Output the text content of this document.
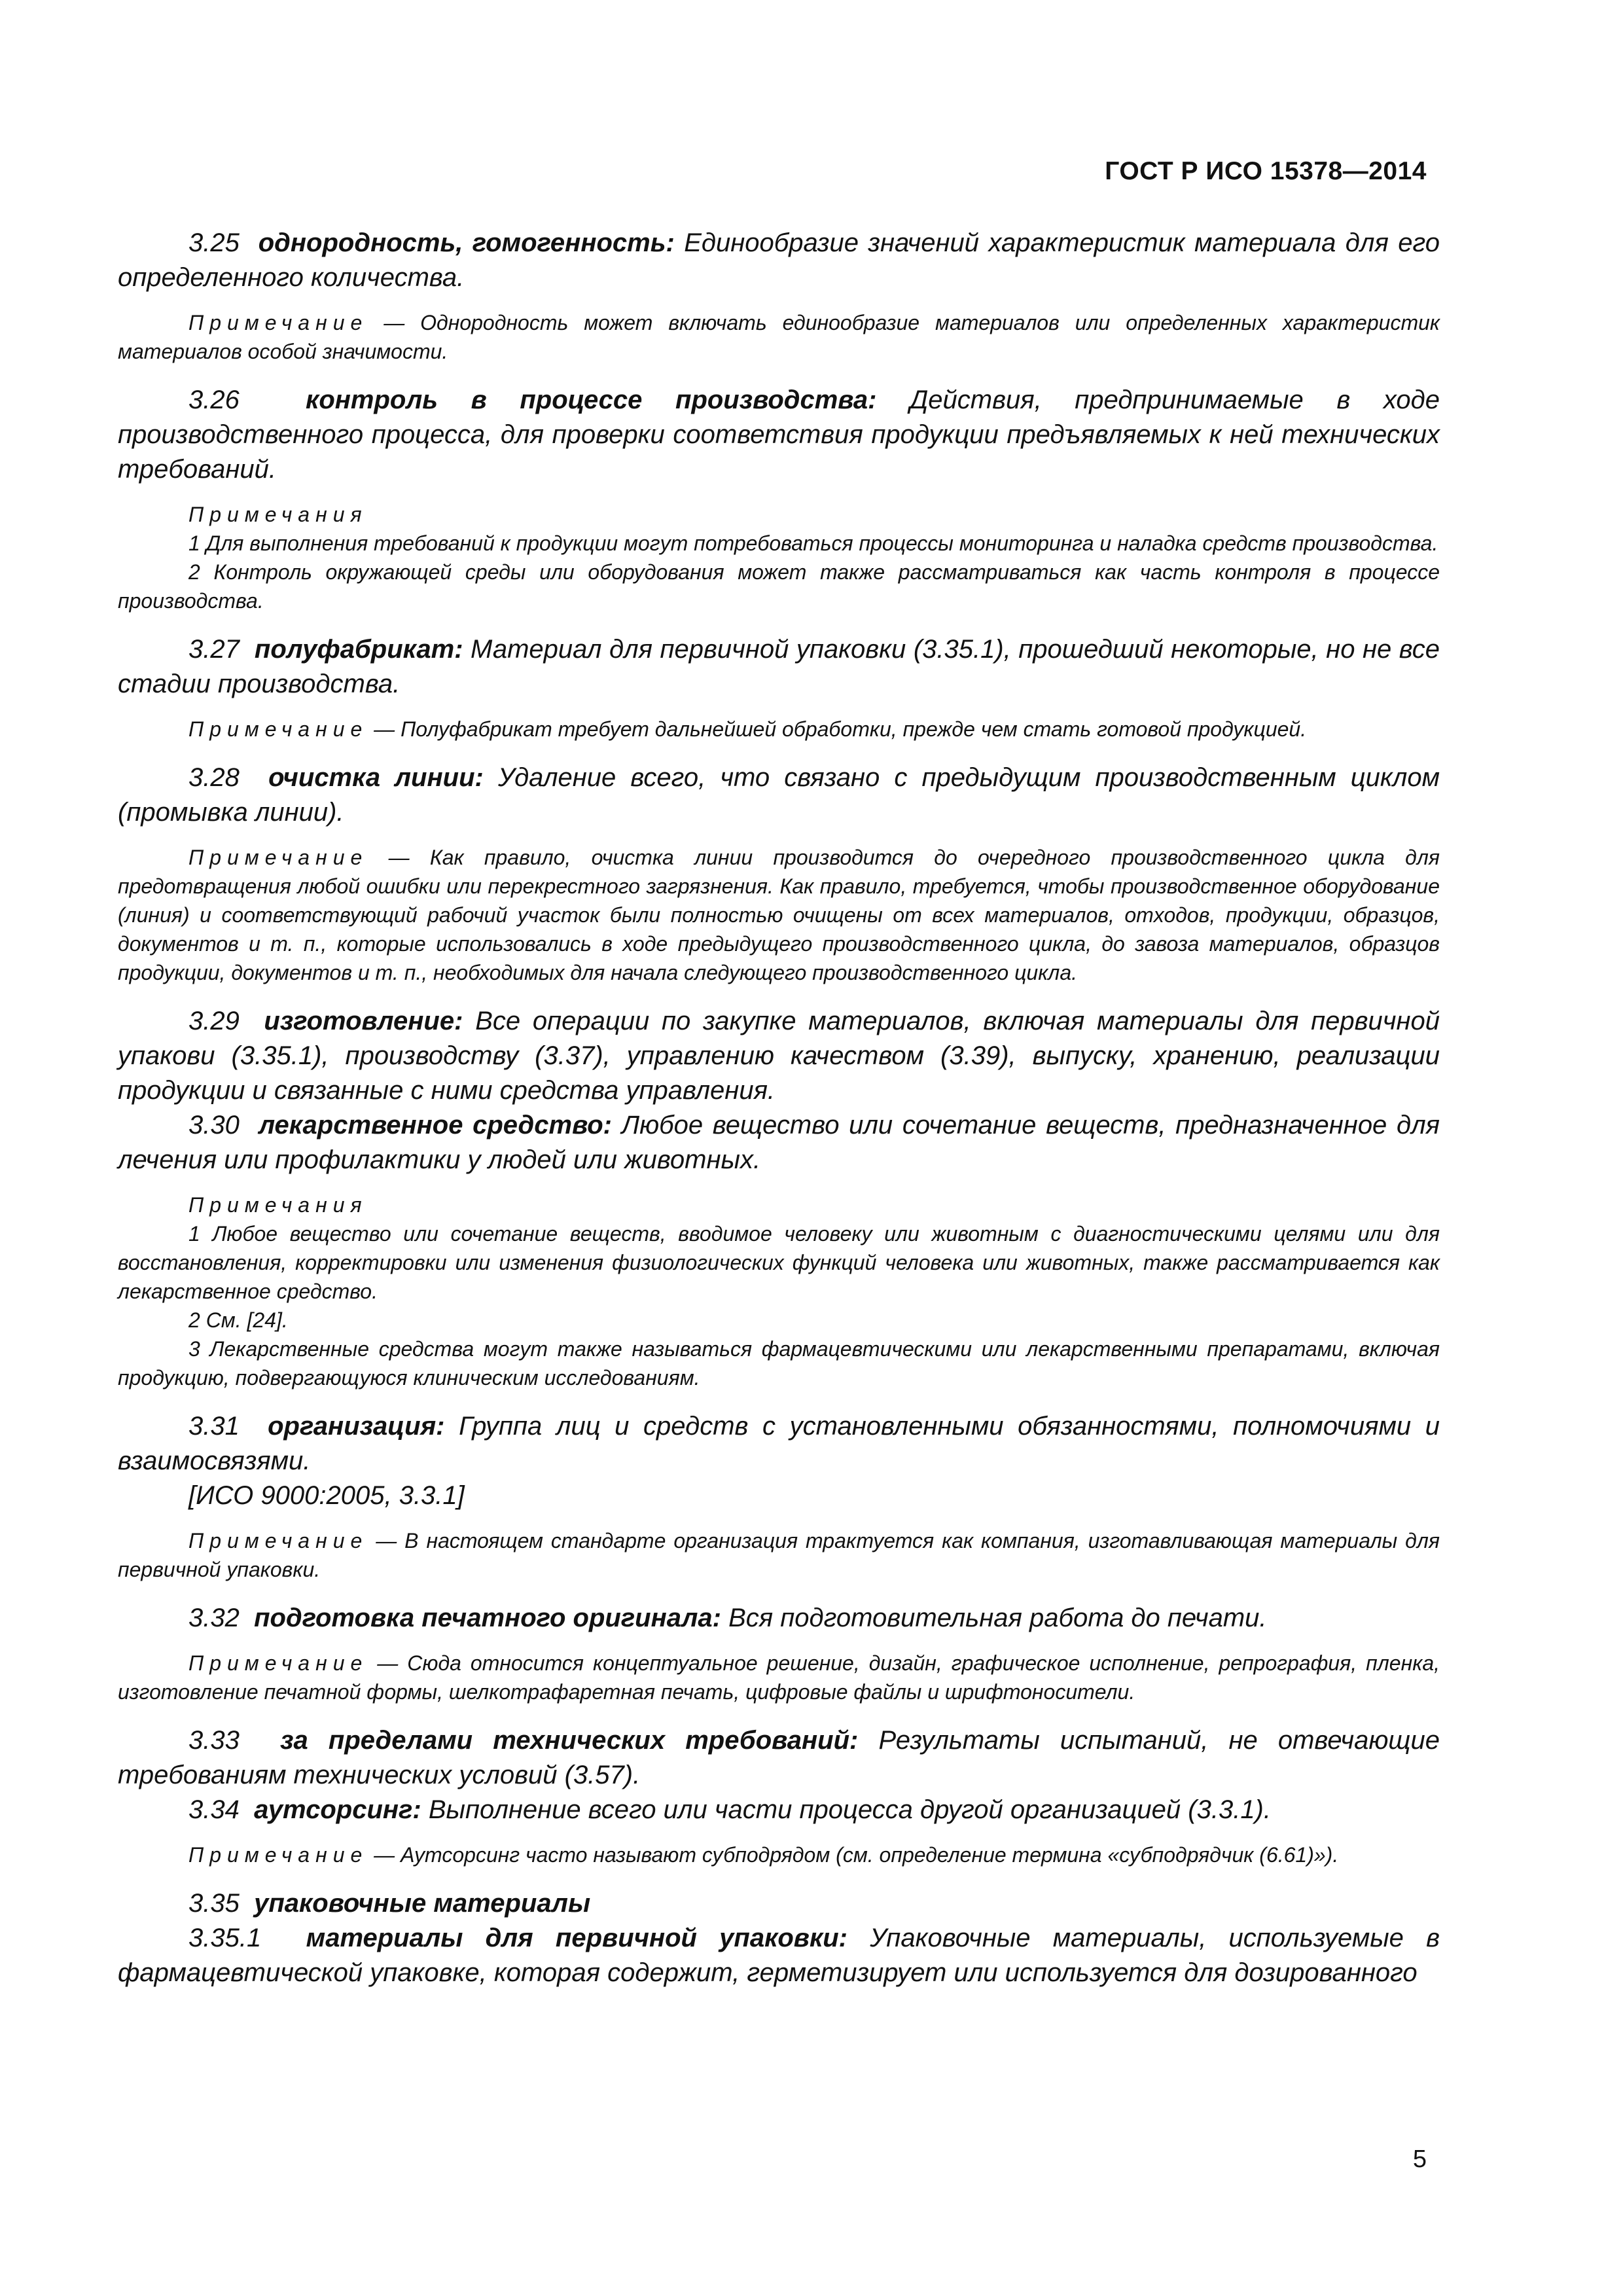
ГОСТ Р ИСО 15378—2014

3.25 однородность, гомогенность: Единообразие значений характеристик материала для его определенного количества.

Примечание — Однородность может включать единообразие материалов или определенных характеристик материалов особой значимости.

3.26	контроль в процессе производства: Действия, предпринимаемые в ходе производственного процесса, для проверки соответствия продукции предъявляемых к ней технических требований.

Примечания

1 Для выполнения требований к продукции могут потребоваться процессы мониторинга и наладка средств производства.

2 Контроль окружающей среды или оборудования может также рассматриваться как часть контроля в процессе производства.

3.27 полуфабрикат: Материал для первичной упаковки (3.35.1), прошедший некоторые, но не все стадии производства.

Примечание — Полуфабрикат требует дальнейшей обработки, прежде чем стать готовой продукцией.

3.28 очистка линии: Удаление всего, что связано с предыдущим производственным циклом (промывка линии).

Примечание — Как правило, очистка линии производится до очередного производственного цикла для предотвращения любой ошибки или перекрестного загрязнения. Как правило, требуется, чтобы производственное оборудование (линия) и соответствующий рабочий участок были полностью очищены от всех материалов, отходов, продукции, образцов, документов и т. п., которые использовались в ходе предыдущего производственного цикла, до завоза материалов, образцов продукции, документов и т. п., необходимых для начала следующего производственного цикла.

3.29 изготовление: Все операции по закупке материалов, включая материалы для первичной упакови (3.35.1), производству (3.37), управлению качеством (3.39), выпуску, хранению, реализации продукции и связанные с ними средства управления.

3.30 лекарственное средство: Любое вещество или сочетание веществ, предназначенное для лечения или профилактики у людей или животных.

Примечания

1 Любое вещество или сочетание веществ, вводимое человеку или животным с диагностическими целями или для восстановления, корректировки или изменения физиологических функций человека или животных, также рассматривается как лекарственное средство.

2 См. [24].

3 Лекарственные средства могут также называться фармацевтическими или лекарственными препаратами, включая продукцию, подвергающуюся клиническим исследованиям.

3.31 организация: Группа лиц и средств с установленными обязанностями, полномочиями и взаимосвязями.

[ИСО 9000:2005, 3.3.1]

Примечание — В настоящем стандарте организация трактуется как компания, изготавливающая материалы для первичной упаковки.

3.32 подготовка печатного оригинала: Вся подготовительная работа до печати.

Примечание — Сюда относится концептуальное решение, дизайн, графическое исполнение, репрография, пленка, изготовление печатной формы, шелкотрафаретная печать, цифровые файлы и шрифтоносители.

3.33 за пределами технических требований: Результаты испытаний, не отвечающие требованиям технических условий (3.57).

3.34 аутсорсинг: Выполнение всего или части процесса другой организацией (3.3.1).

Примечание — Аутсорсинг часто называют субподрядом (см. определение термина «субподрядчик (6.61)»).

3.35 упаковочные материалы

3.35.1 материалы для первичной упаковки: Упаковочные материалы, используемые в фармацевтической упаковке, которая содержит, герметизирует или используется для дозированного

5
